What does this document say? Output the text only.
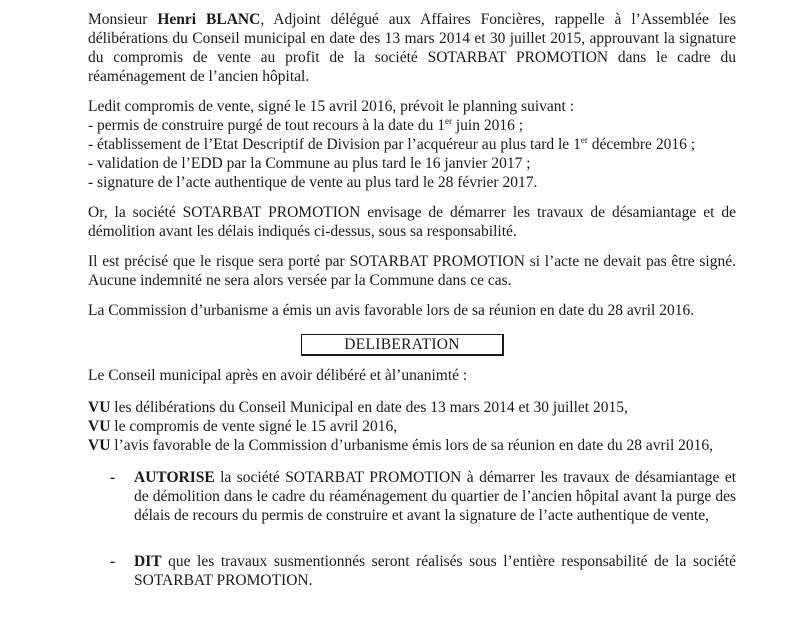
Monsieur Henri BLANC, Adjoint délégué aux Affaires Foncières, rappelle à l’Assemblée les délibérations du Conseil municipal en date des 13 mars 2014 et 30 juillet 2015, approuvant la signature du compromis de vente au profit de la société SOTARBAT PROMOTION dans le cadre du réaménagement de l’ancien hôpital.

Ledit compromis de vente, signé le 15 avril 2016, prévoit le planning suivant :
- permis de construire purgé de tout recours à la date du 1er juin 2016 ;
- établissement de l’Etat Descriptif de Division par l’acquéreur au plus tard le 1er décembre 2016 ;
- validation de l’EDD par la Commune au plus tard le 16 janvier 2017 ;
- signature de l’acte authentique de vente au plus tard le 28 février 2017.

Or, la société SOTARBAT PROMOTION envisage de démarrer les travaux de désamiantage et de démolition avant les délais indiqués ci-dessus, sous sa responsabilité.

Il est précisé que le risque sera porté par SOTARBAT PROMOTION si l’acte ne devait pas être signé. Aucune indemnité ne sera alors versée par la Commune dans ce cas.

La Commission d’urbanisme a émis un avis favorable lors de sa réunion en date du 28 avril 2016.

DELIBERATION

Le Conseil municipal après en avoir délibéré et àl’unanimté :

VU les délibérations du Conseil Municipal en date des 13 mars 2014 et 30 juillet 2015,
VU le compromis de vente signé le 15 avril 2016,
VU l’avis favorable de la Commission d’urbanisme émis lors de sa réunion en date du 28 avril 2016,
- AUTORISE la société SOTARBAT PROMOTION à démarrer les travaux de désamiantage et de démolition dans le cadre du réaménagement du quartier de l’ancien hôpital avant la purge des délais de recours du permis de construire et avant la signature de l’acte authentique de vente,
- DIT que les travaux susmentionnés seront réalisés sous l’entière responsabilité de la société SOTARBAT PROMOTION.
